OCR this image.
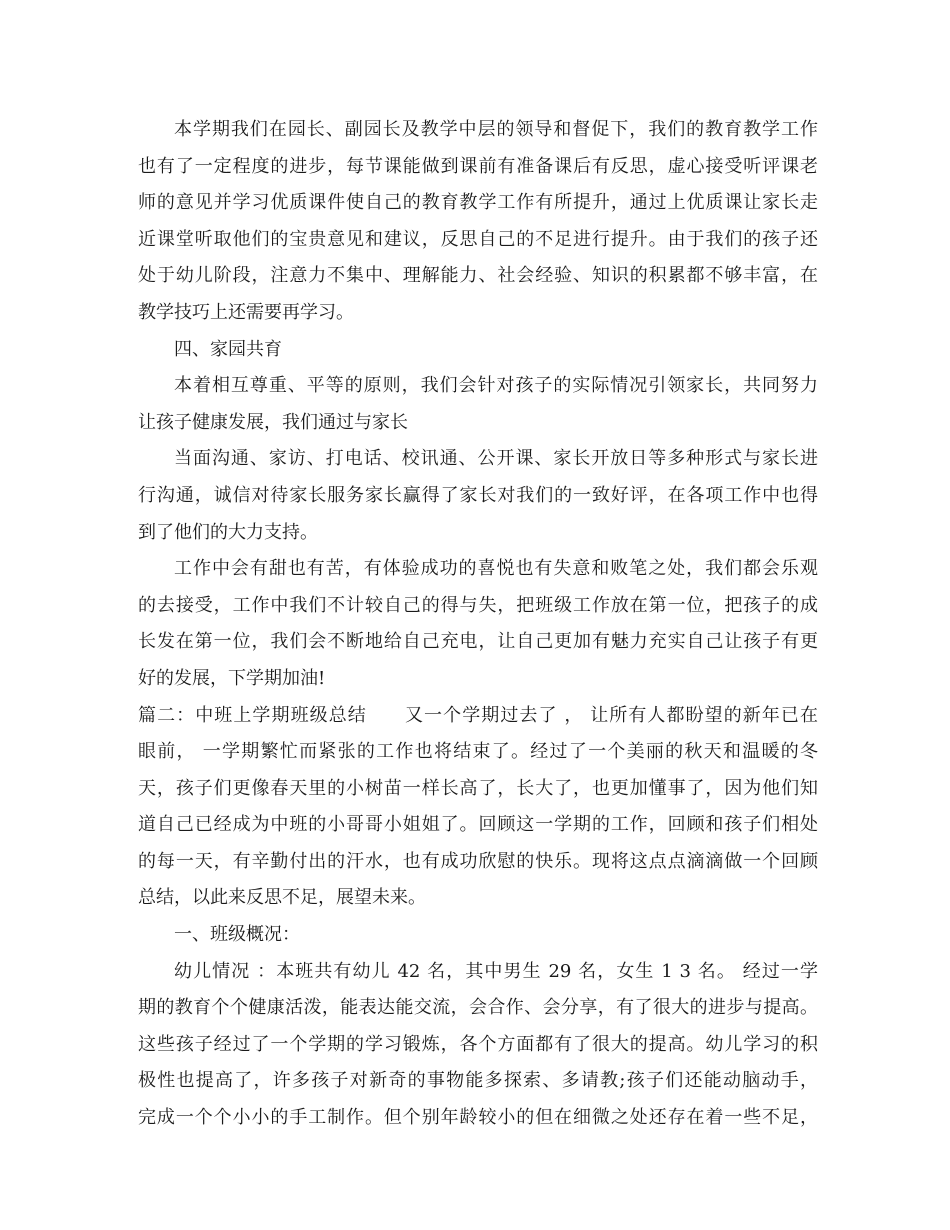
本学期我们在园长、副园长及教学中层的领导和督促下，我们的教育教学工作
也有了一定程度的进步，每节课能做到课前有准备课后有反思，虚心接受听评课老
师的意见并学习优质课件使自己的教育教学工作有所提升，通过上优质课让家长走
近课堂听取他们的宝贵意见和建议，反思自己的不足进行提升。由于我们的孩子还
处于幼儿阶段，注意力不集中、理解能力、社会经验、知识的积累都不够丰富，在
教学技巧上还需要再学习。
四、家园共育
本着相互尊重、平等的原则，我们会针对孩子的实际情况引领家长，共同努力
让孩子健康发展，我们通过与家长
当面沟通、家访、打电话、校讯通、公开课、家长开放日等多种形式与家长进
行沟通，诚信对待家长服务家长赢得了家长对我们的一致好评，在各项工作中也得
到了他们的大力支持。
工作中会有甜也有苦，有体验成功的喜悦也有失意和败笔之处，我们都会乐观
的去接受，工作中我们不计较自己的得与失，把班级工作放在第一位，把孩子的成
长发在第一位，我们会不断地给自己充电，让自己更加有魅力充实自己让孩子有更
好的发展，下学期加油!
篇二：中班上学期班级总结　　又一个学期过去了 ， 让所有人都盼望的新年已在
眼前， 一学期繁忙而紧张的工作也将结束了。经过了一个美丽的秋天和温暖的冬
天，孩子们更像春天里的小树苗一样长高了，长大了，也更加懂事了，因为他们知
道自己已经成为中班的小哥哥小姐姐了。回顾这一学期的工作，回顾和孩子们相处
的每一天，有辛勤付出的汗水，也有成功欣慰的快乐。现将这点点滴滴做一个回顾
总结，以此来反思不足，展望未来。
一、班级概况：
幼儿情况 ：本班共有幼儿 42 名，其中男生 29 名，女生 1 3 名。 经过一学
期的教育个个健康活泼，能表达能交流，会合作、会分享，有了很大的进步与提高。
这些孩子经过了一个学期的学习锻炼，各个方面都有了很大的提高。幼儿学习的积
极性也提高了，许多孩子对新奇的事物能多探索、多请教;孩子们还能动脑动手，
完成一个个小小的手工制作。但个别年龄较小的但在细微之处还存在着一些不足，
